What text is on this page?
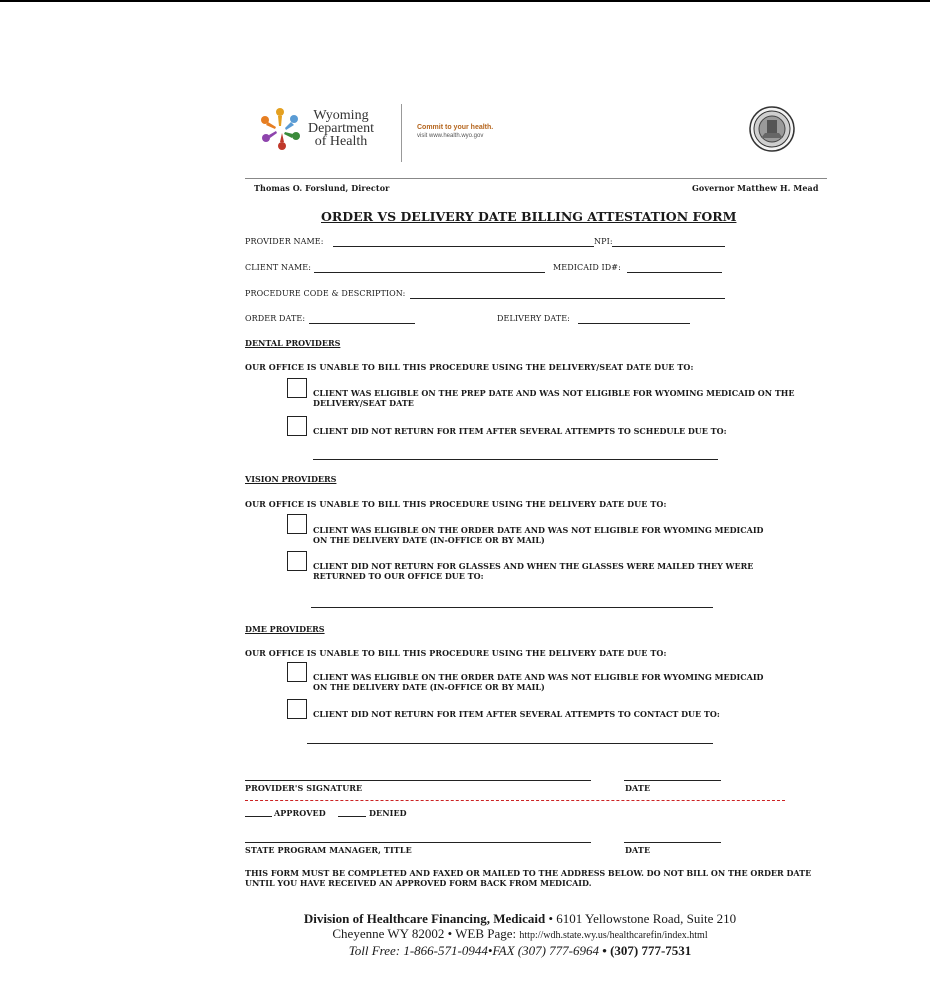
Wyoming
Department
of Health
Commit to your health.
visit www.health.wyo.gov
Thomas O. Forslund, Director	Governor Matthew H. Mead
ORDER VS DELIVERY DATE BILLING ATTESTATION FORM
PROVIDER NAME:	NPI:
CLIENT NAME:	MEDICAID ID#:
PROCEDURE CODE & DESCRIPTION:
ORDER DATE:	DELIVERY DATE:
DENTAL PROVIDERS
OUR OFFICE IS UNABLE TO BILL THIS PROCEDURE USING THE DELIVERY/SEAT DATE DUE TO:
CLIENT WAS ELIGIBLE ON THE PREP DATE AND WAS NOT ELIGIBLE FOR WYOMING MEDICAID ON THE
DELIVERY/SEAT DATE
CLIENT DID NOT RETURN FOR ITEM AFTER SEVERAL ATTEMPTS TO SCHEDULE DUE TO:
VISION PROVIDERS
OUR OFFICE IS UNABLE TO BILL THIS PROCEDURE USING THE DELIVERY DATE DUE TO:
CLIENT WAS ELIGIBLE ON THE ORDER DATE AND WAS NOT ELIGIBLE FOR WYOMING MEDICAID
ON THE DELIVERY DATE (IN-OFFICE OR BY MAIL)
CLIENT DID NOT RETURN FOR GLASSES AND WHEN THE GLASSES WERE MAILED THEY WERE
RETURNED TO OUR OFFICE DUE TO:
DME PROVIDERS
OUR OFFICE IS UNABLE TO BILL THIS PROCEDURE USING THE DELIVERY DATE DUE TO:
CLIENT WAS ELIGIBLE ON THE ORDER DATE AND WAS NOT ELIGIBLE FOR WYOMING MEDICAID
ON THE DELIVERY DATE (IN-OFFICE OR BY MAIL)
CLIENT DID NOT RETURN FOR ITEM AFTER SEVERAL ATTEMPTS TO CONTACT DUE TO:
PROVIDER'S SIGNATURE	DATE
APPROVED	DENIED
STATE PROGRAM MANAGER, TITLE	DATE
THIS FORM MUST BE COMPLETED AND FAXED OR MAILED TO THE ADDRESS BELOW. DO NOT BILL ON THE ORDER DATE
UNTIL YOU HAVE RECEIVED AN APPROVED FORM BACK FROM MEDICAID.
Division of Healthcare Financing, Medicaid • 6101 Yellowstone Road, Suite 210
Cheyenne WY 82002 • WEB Page: http://wdh.state.wy.us/healthcarefin/index.html
Toll Free: 1-866-571-0944•FAX (307) 777-6964 • (307) 777-7531
